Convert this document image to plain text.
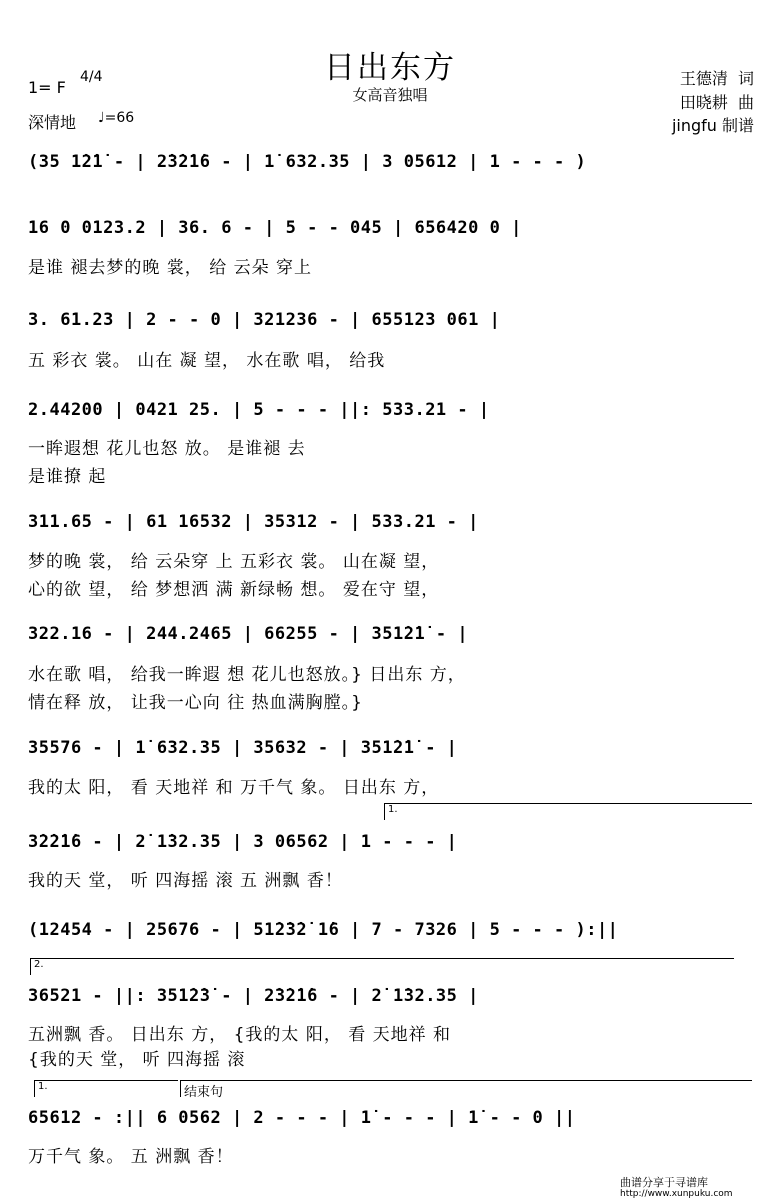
日出东方
女高音独唱
1= F
4/4
深情地 ♩=66
王德清  词
田晓耕  曲
jingfu 制谱
(35 1̇2̇1̇ - | 2̇3̇2̇1̇6 - | 1̇ 632.35 | 3 05612 | 1 - - - )
16 0 0123.2 | 36. 6 - | 5 - - 045 | 656420 0 |
是谁 褪去梦的晚 裳， 给 云朵 穿上
3. 61.23 | 2 - - 0 | 321236 - | 655123 061 |
五 彩衣 裳。 山在 凝 望， 水在歌 唱， 给我
2.44200 | 0421 25. | 5 - - - ||: 533.21 - |
一眸遐想 花儿也怒 放。 是谁褪 去
是谁撩 起
311.65 - | 61 16532 | 35312 - | 533.21 - |
梦的晚 裳， 给 云朵穿 上 五彩衣 裳。 山在凝 望，
心的欲 望， 给 梦想洒 满 新绿畅 想。 爱在守 望，
322.16 - | 244.2465 | 66255 - | 351̇2̇1̇ - |
水在歌 唱， 给我一眸遐 想 花儿也怒放。} 日出东 方，
情在释 放， 让我一心向 往 热血满胸膛。}
35576 - | 1̇ 632.35 | 35632 - | 351̇2̇1̇ - |
我的太 阳， 看 天地祥 和 万千气 象。 日出东 方，
1.
3̇2̇2̇1̇6 - | 2̇ 1̇32.35 | 3 06562 | 1 - - - |
我的天 堂， 听 四海摇 滚 五 洲飘 香！
(12454 - | 25676 - | 51̇2̇3̇2̇ 1̇6 | 7 - 7326 | 5 - - - ):||
2.
36521 - ||: 351̇2̇3̇ - | 2̇3̇2̇1̇6 - | 2̇ 1̇32.35 |
五洲飘 香。 日出东 方， {我的太 阳， 看 天地祥 和
{我的天 堂， 听 四海摇 滚
1.	结束句
65612 - :|| 6 0562 | 2 - - - | 1̇ - - - | 1̇ - - 0 ||
万千气 象。 五 洲飘 香！
曲谱分享于寻谱库
http://www.xunpuku.com
